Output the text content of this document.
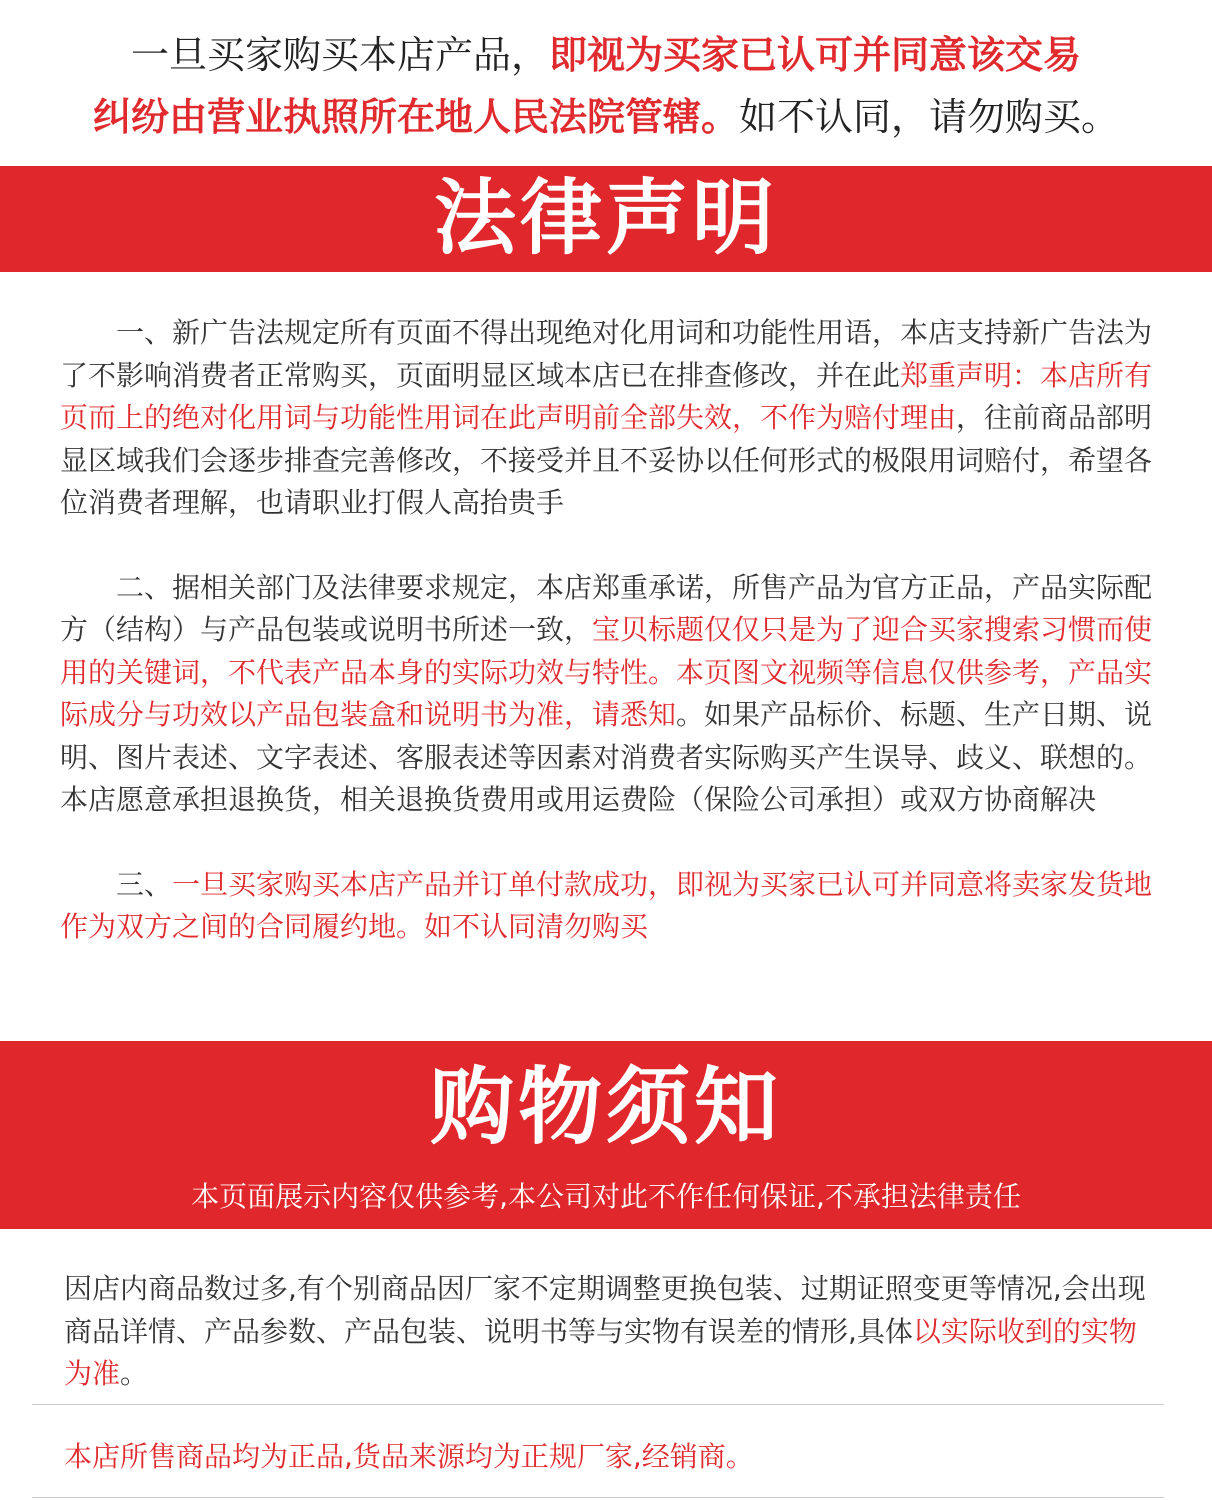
一旦买家购买本店产品，即视为买家已认可并同意该交易
纠纷由营业执照所在地人民法院管辖。如不认同，请勿购买。
法律声明

一、新广告法规定所有页面不得出现绝对化用词和功能性用语，本店支持新广告法为了不影响消费者正常购买，页面明显区域本店已在排查修改，并在此郑重声明：本店所有页而上的绝对化用词与功能性用词在此声明前全部失效，不作为赔付理由，往前商品部明显区域我们会逐步排查完善修改，不接受并且不妥协以任何形式的极限用词赔付，希望各位消费者理解，也请职业打假人高抬贵手

二、据相关部门及法律要求规定，本店郑重承诺，所售产品为官方正品，产品实际配方（结构）与产品包装或说明书所述一致，宝贝标题仅仅只是为了迎合买家搜索习惯而使用的关键词，不代表产品本身的实际功效与特性。本页图文视频等信息仅供参考，产品实际成分与功效以产品包装盒和说明书为准，请悉知。如果产品标价、标题、生产日期、说明、图片表述、文字表述、客服表述等因素对消费者实际购买产生误导、歧义、联想的。本店愿意承担退换货，相关退换货费用或用运费险（保险公司承担）或双方协商解决

三、一旦买家购买本店产品并订单付款成功，即视为买家已认可并同意将卖家发货地作为双方之间的合同履约地。如不认同清勿购买

购物须知
本页面展示内容仅供参考,本公司对此不作任何保证,不承担法律责任

因店内商品数过多,有个别商品因厂家不定期调整更换包装、过期证照变更等情况,会出现商品详情、产品参数、产品包装、说明书等与实物有误差的情形,具体以实际收到的实物为准。

本店所售商品均为正品,货品来源均为正规厂家,经销商。
